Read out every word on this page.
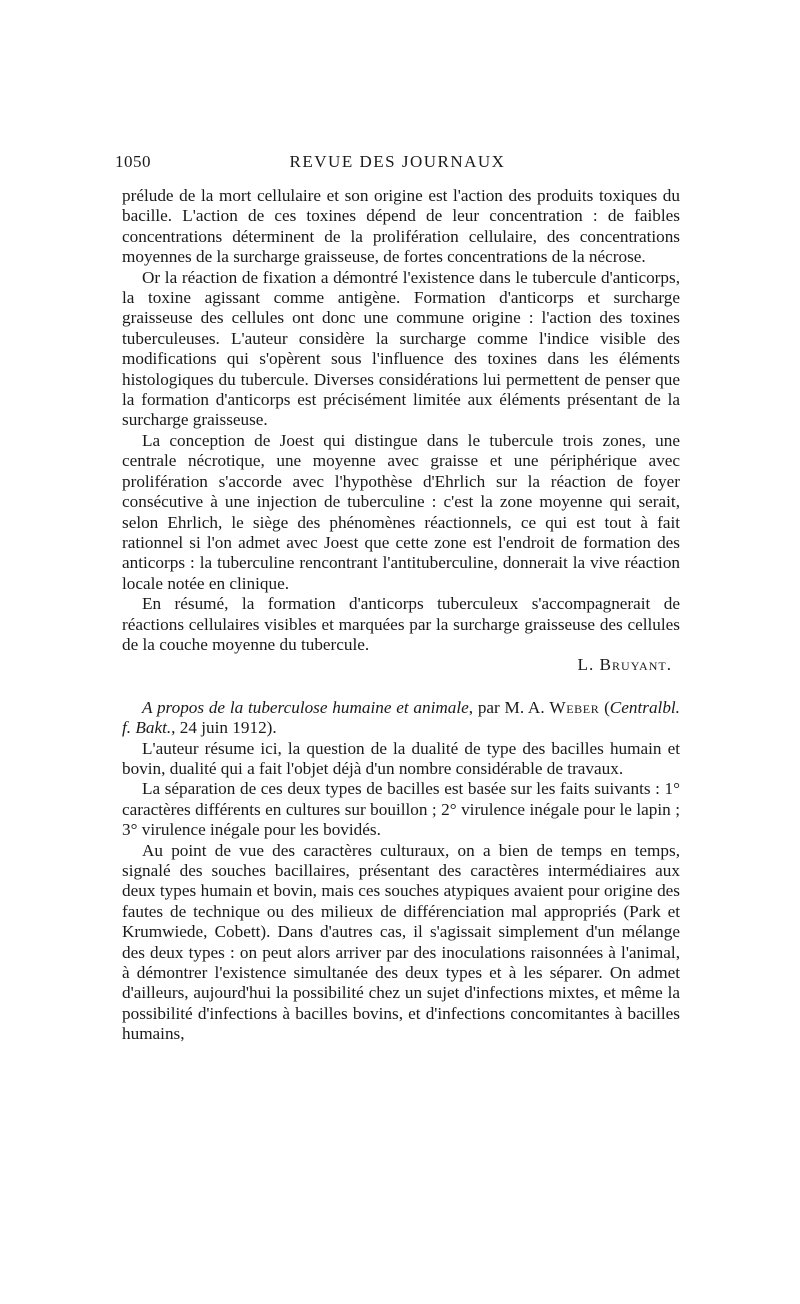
1050	REVUE DES JOURNAUX

prélude de la mort cellulaire et son origine est l'action des produits toxiques du bacille. L'action de ces toxines dépend de leur concentration : de faibles concentrations déterminent de la prolifération cellulaire, des concentrations moyennes de la surcharge graisseuse, de fortes concentrations de la nécrose.

Or la réaction de fixation a démontré l'existence dans le tubercule d'anticorps, la toxine agissant comme antigène. Formation d'anticorps et surcharge graisseuse des cellules ont donc une commune origine : l'action des toxines tuberculeuses. L'auteur considère la surcharge comme l'indice visible des modifications qui s'opèrent sous l'influence des toxines dans les éléments histologiques du tubercule. Diverses considérations lui permettent de penser que la formation d'anticorps est précisément limitée aux éléments présentant de la surcharge graisseuse.

La conception de Joest qui distingue dans le tubercule trois zones, une centrale nécrotique, une moyenne avec graisse et une périphérique avec prolifération s'accorde avec l'hypothèse d'Ehrlich sur la réaction de foyer consécutive à une injection de tuberculine : c'est la zone moyenne qui serait, selon Ehrlich, le siège des phénomènes réactionnels, ce qui est tout à fait rationnel si l'on admet avec Joest que cette zone est l'endroit de formation des anticorps : la tuberculine rencontrant l'antituberculine, donnerait la vive réaction locale notée en clinique.

En résumé, la formation d'anticorps tuberculeux s'accompagnerait de réactions cellulaires visibles et marquées par la surcharge graisseuse des cellules de la couche moyenne du tubercule.

L. Bruyant.

A propos de la tuberculose humaine et animale, par M. A. Weber (Centralbl. f. Bakt., 24 juin 1912).

L'auteur résume ici, la question de la dualité de type des bacilles humain et bovin, dualité qui a fait l'objet déjà d'un nombre considérable de travaux.

La séparation de ces deux types de bacilles est basée sur les faits suivants : 1° caractères différents en cultures sur bouillon ; 2° virulence inégale pour le lapin ; 3° virulence inégale pour les bovidés.

Au point de vue des caractères culturaux, on a bien de temps en temps, signalé des souches bacillaires, présentant des caractères intermédiaires aux deux types humain et bovin, mais ces souches atypiques avaient pour origine des fautes de technique ou des milieux de différenciation mal appropriés (Park et Krumwiede, Cobett). Dans d'autres cas, il s'agissait simplement d'un mélange des deux types : on peut alors arriver par des inoculations raisonnées à l'animal, à démontrer l'existence simultanée des deux types et à les séparer. On admet d'ailleurs, aujourd'hui la possibilité chez un sujet d'infections mixtes, et même la possibilité d'infections à bacilles bovins, et d'infections concomitantes à bacilles humains,
